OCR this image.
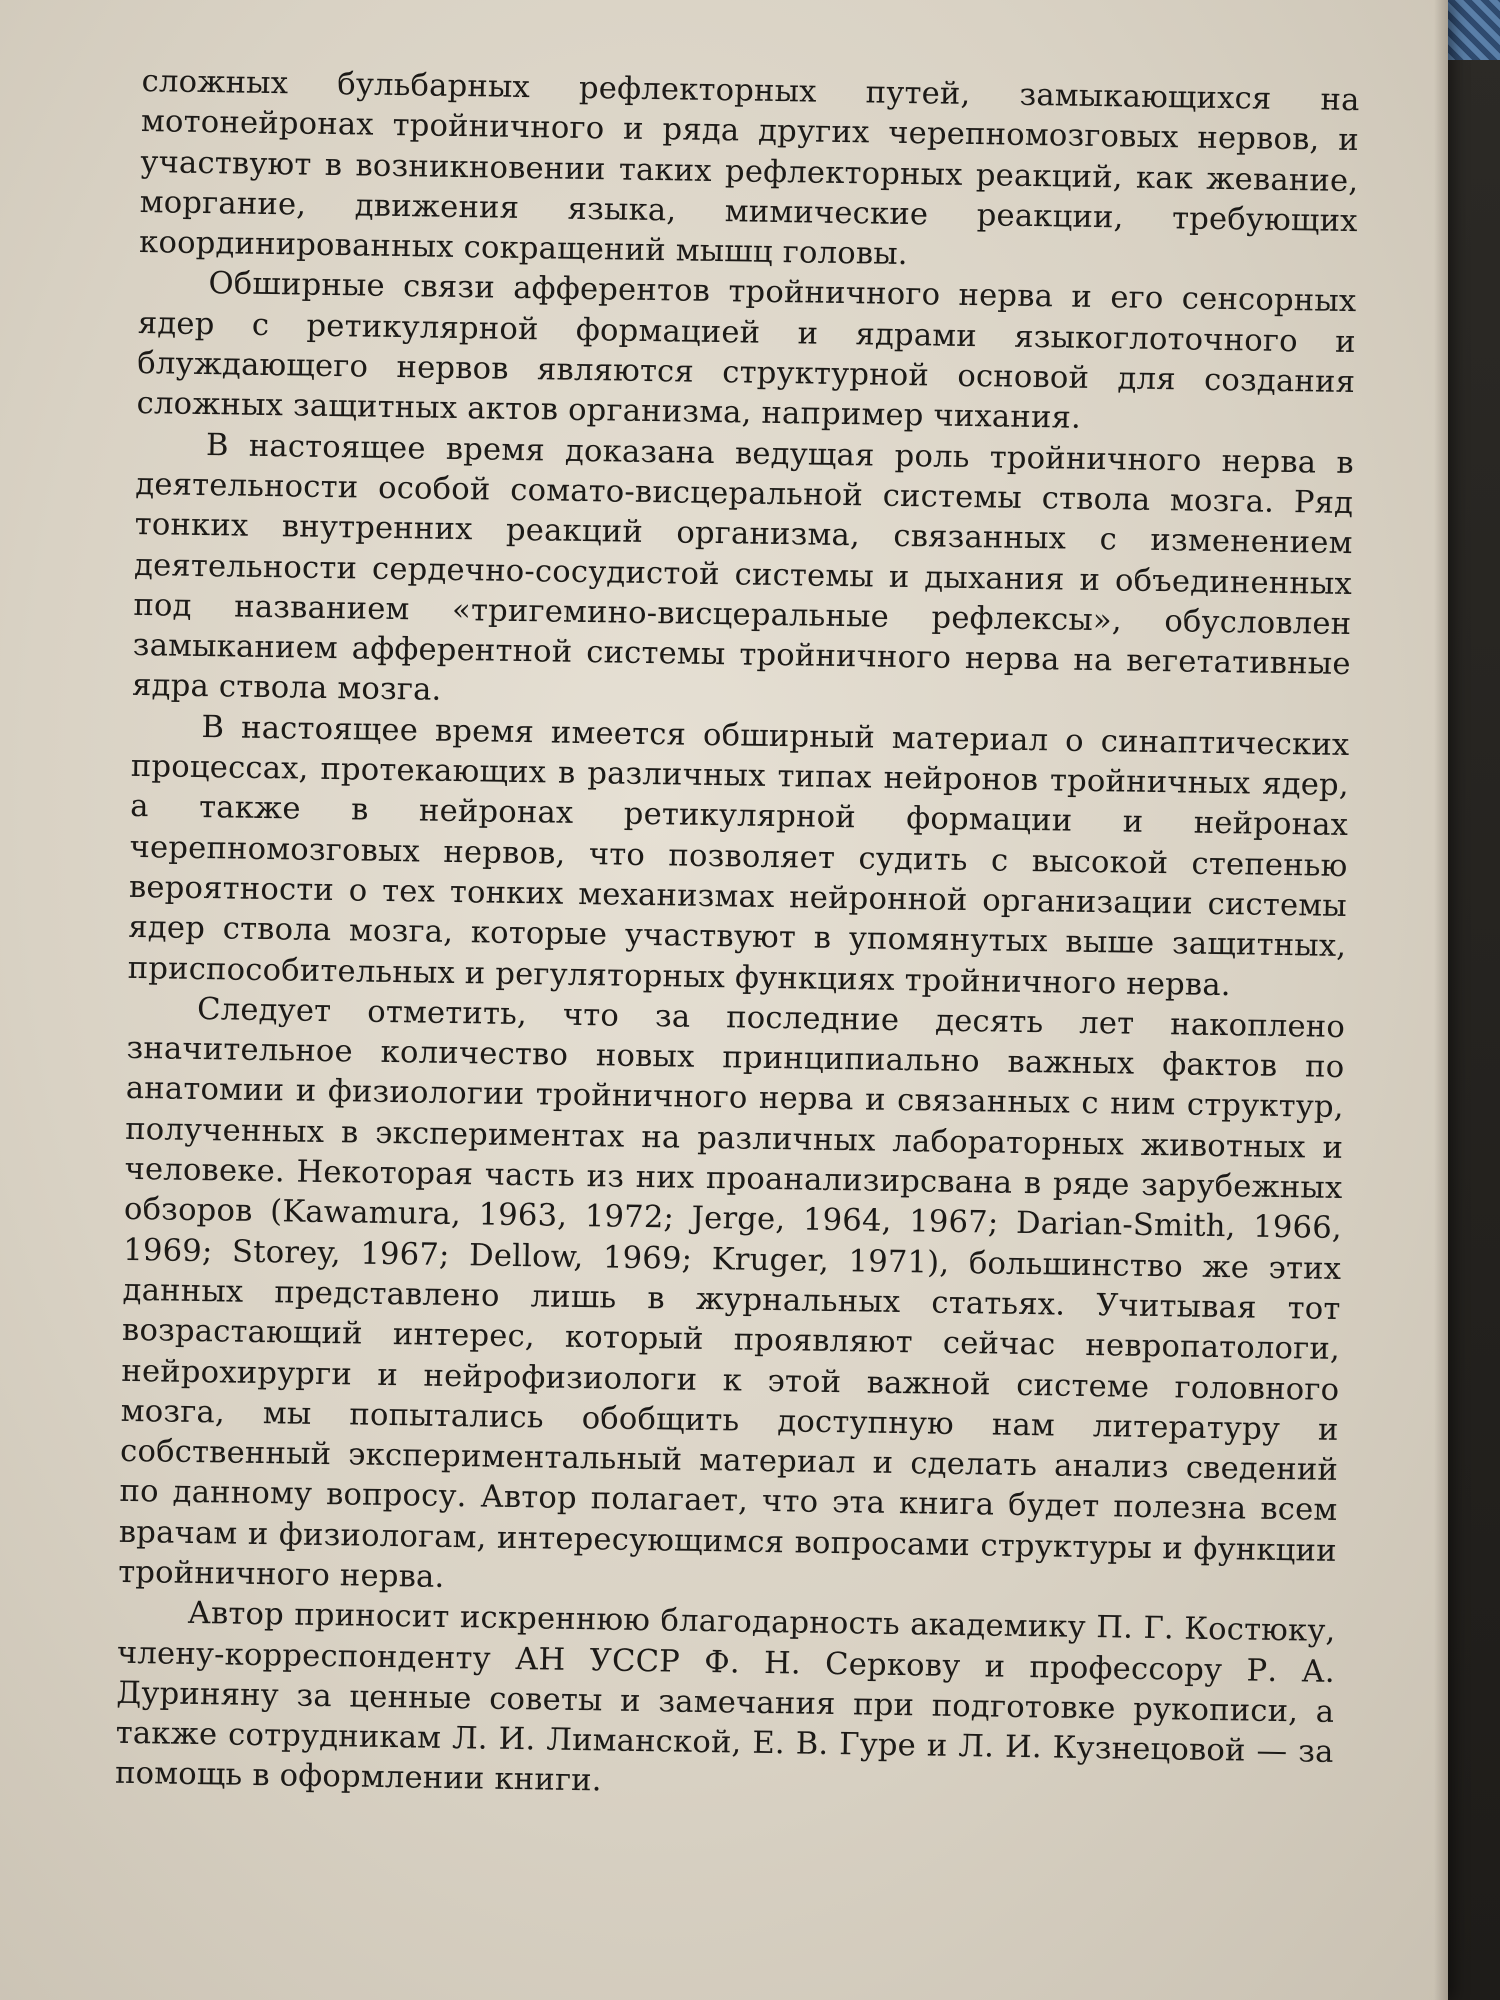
сложных бульбарных рефлекторных путей, замыкающихся на мотонейронах тройничного и ряда других черепномозговых нервов, и участвуют в возникновении таких рефлекторных реакций, как жевание, моргание, движения языка, мимические реакции, требующих координированных сокращений мышц головы.

Обширные связи афферентов тройничного нерва и его сенсорных ядер с ретикулярной формацией и ядрами языкоглоточного и блуждающего нервов являются структурной основой для создания сложных защитных актов организма, например чихания.

В настоящее время доказана ведущая роль тройничного нерва в деятельности особой сомато-висцеральной системы ствола мозга. Ряд тонких внутренних реакций организма, связанных с изменением деятельности сердечно-сосудистой системы и дыхания и объединенных под названием «тригемино-висцеральные рефлексы», обусловлен замыканием афферентной системы тройничного нерва на вегетативные ядра ствола мозга.

В настоящее время имеется обширный материал о синаптических процессах, протекающих в различных типах нейронов тройничных ядер, а также в нейронах ретикулярной формации и нейронах черепномозговых нервов, что позволяет судить с высокой степенью вероятности о тех тонких механизмах нейронной организации системы ядер ствола мозга, которые участвуют в упомянутых выше защитных, приспособительных и регуляторных функциях тройничного нерва.

Следует отметить, что за последние десять лет накоплено значительное количество новых принципиально важных фактов по анатомии и физиологии тройничного нерва и связанных с ним структур, полученных в экспериментах на различных лабораторных животных и человеке. Некоторая часть из них проанализирсвана в ряде зарубежных обзоров (Kawamura, 1963, 1972; Jerge, 1964, 1967; Darian-Smith, 1966, 1969; Storey, 1967; Dellow, 1969; Kruger, 1971), большинство же этих данных представлено лишь в журнальных статьях. Учитывая тот возрастающий интерес, который проявляют сейчас невропатологи, нейрохирурги и нейрофизиологи к этой важной системе головного мозга, мы попытались обобщить доступную нам литературу и собственный экспериментальный материал и сделать анализ сведений по данному вопросу. Автор полагает, что эта книга будет полезна всем врачам и физиологам, интересующимся вопросами структуры и функции тройничного нерва.

Автор приносит искреннюю благодарность академику П. Г. Костюку, члену-корреспонденту АН УССР Ф. Н. Серкову и профессору Р. А. Дуриняну за ценные советы и замечания при подготовке рукописи, а также сотрудникам Л. И. Лиманской, Е. В. Гуре и Л. И. Кузнецовой — за помощь в оформлении книги.
